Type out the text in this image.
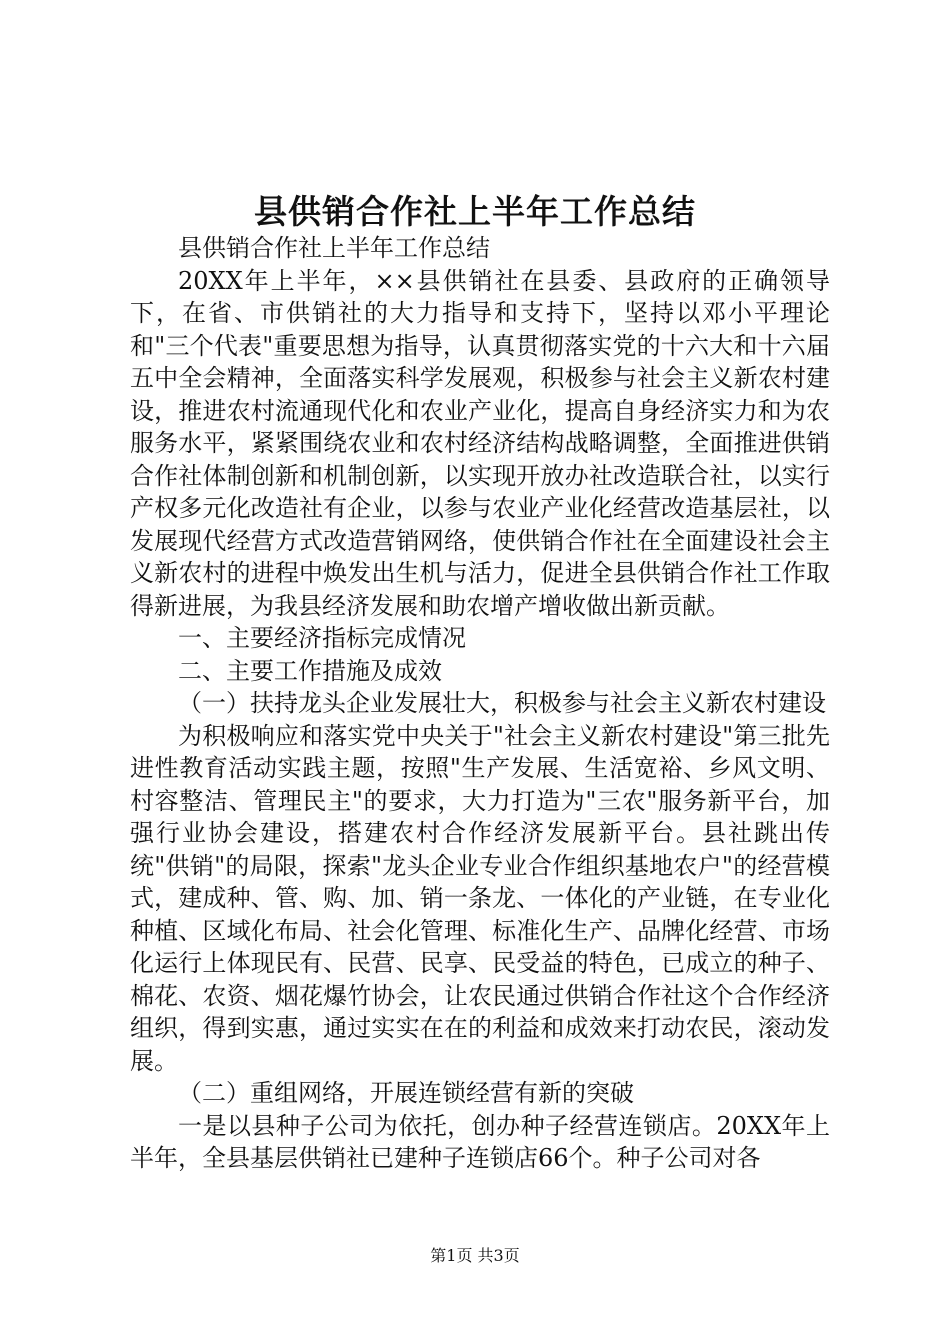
县供销合作社上半年工作总结

县供销合作社上半年工作总结

20XX年上半年，××县供销社在县委、县政府的正确领导下，在省、市供销社的大力指导和支持下，坚持以邓小平理论和"三个代表"重要思想为指导，认真贯彻落实党的十六大和十六届五中全会精神，全面落实科学发展观，积极参与社会主义新农村建设，推进农村流通现代化和农业产业化，提高自身经济实力和为农服务水平，紧紧围绕农业和农村经济结构战略调整，全面推进供销合作社体制创新和机制创新，以实现开放办社改造联合社，以实行产权多元化改造社有企业，以参与农业产业化经营改造基层社，以发展现代经营方式改造营销网络，使供销合作社在全面建设社会主义新农村的进程中焕发出生机与活力，促进全县供销合作社工作取得新进展，为我县经济发展和助农增产增收做出新贡献。

一、主要经济指标完成情况

二、主要工作措施及成效

（一）扶持龙头企业发展壮大，积极参与社会主义新农村建设

为积极响应和落实党中央关于"社会主义新农村建设"第三批先进性教育活动实践主题，按照"生产发展、生活宽裕、乡风文明、村容整洁、管理民主"的要求，大力打造为"三农"服务新平台，加强行业协会建设，搭建农村合作经济发展新平台。县社跳出传统"供销"的局限，探索"龙头企业专业合作组织基地农户"的经营模式，建成种、管、购、加、销一条龙、一体化的产业链，在专业化种植、区域化布局、社会化管理、标准化生产、品牌化经营、市场化运行上体现民有、民营、民享、民受益的特色，已成立的种子、棉花、农资、烟花爆竹协会，让农民通过供销合作社这个合作经济组织，得到实惠，通过实实在在的利益和成效来打动农民，滚动发展。

（二）重组网络，开展连锁经营有新的突破

一是以县种子公司为依托，创办种子经营连锁店。20XX年上半年，全县基层供销社已建种子连锁店66个。种子公司对各

第1页 共3页
